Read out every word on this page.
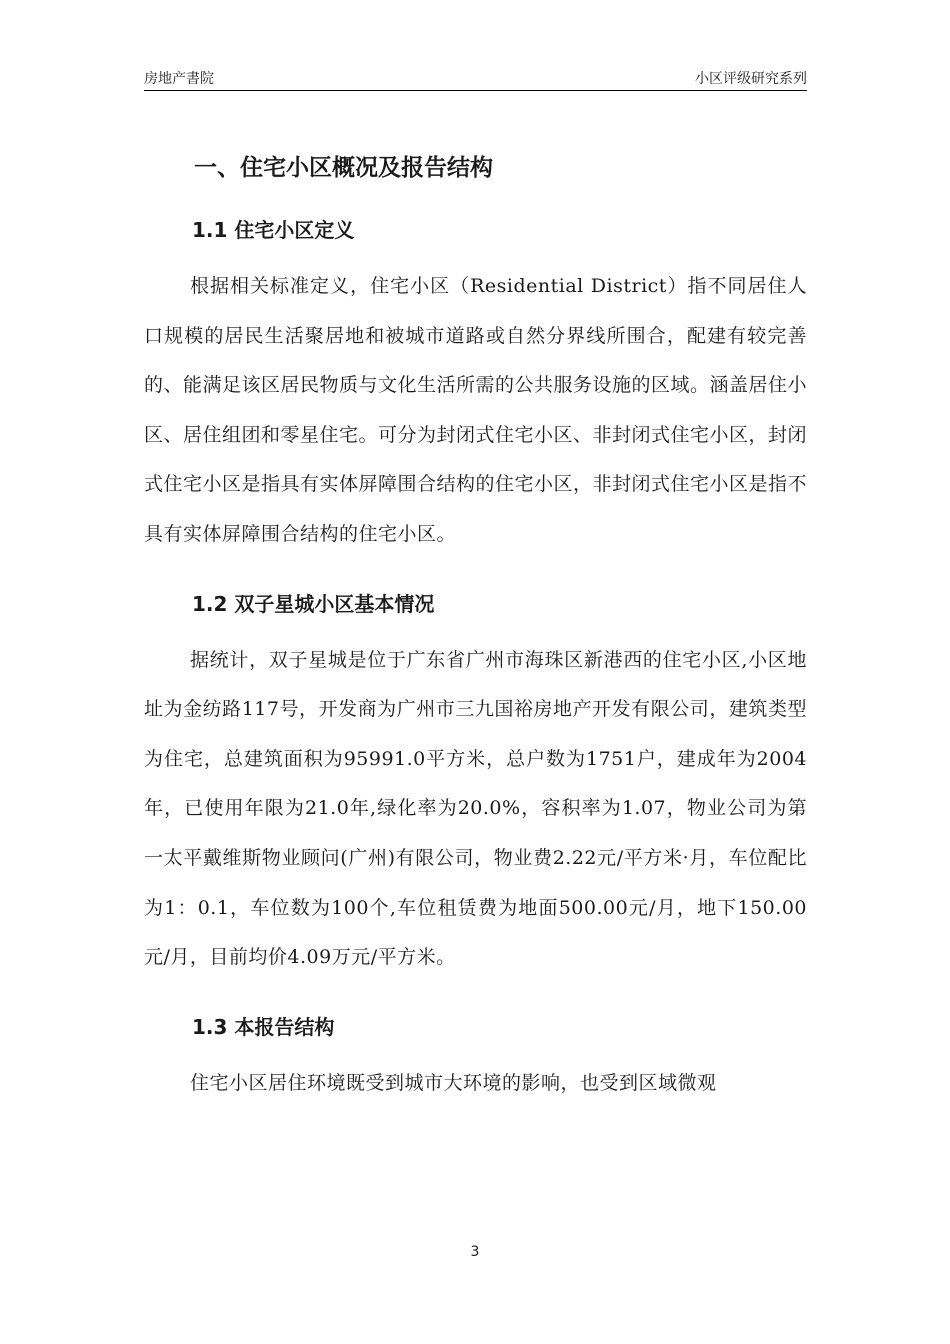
房地产書院	小区评级研究系列
一、住宅小区概况及报告结构
1.1 住宅小区定义

根据相关标准定义，住宅小区（Residential District）指不同居住人口规模的居民生活聚居地和被城市道路或自然分界线所围合，配建有较完善的、能满足该区居民物质与文化生活所需的公共服务设施的区域。涵盖居住小区、居住组团和零星住宅。可分为封闭式住宅小区、非封闭式住宅小区，封闭式住宅小区是指具有实体屏障围合结构的住宅小区，非封闭式住宅小区是指不具有实体屏障围合结构的住宅小区。

1.2 双子星城小区基本情况

据统计，双子星城是位于广东省广州市海珠区新港西的住宅小区,小区地址为金纺路117号，开发商为广州市三九国裕房地产开发有限公司，建筑类型为住宅，总建筑面积为95991.0平方米，总户数为1751户，建成年为2004年，已使用年限为21.0年,绿化率为20.0%，容积率为1.07，物业公司为第一太平戴维斯物业顾问(广州)有限公司，物业费2.22元/平方米·月，车位配比为1：0.1，车位数为100个,车位租赁费为地面500.00元/月，地下150.00元/月，目前均价4.09万元/平方米。

1.3 本报告结构

住宅小区居住环境既受到城市大环境的影响，也受到区域微观

3
